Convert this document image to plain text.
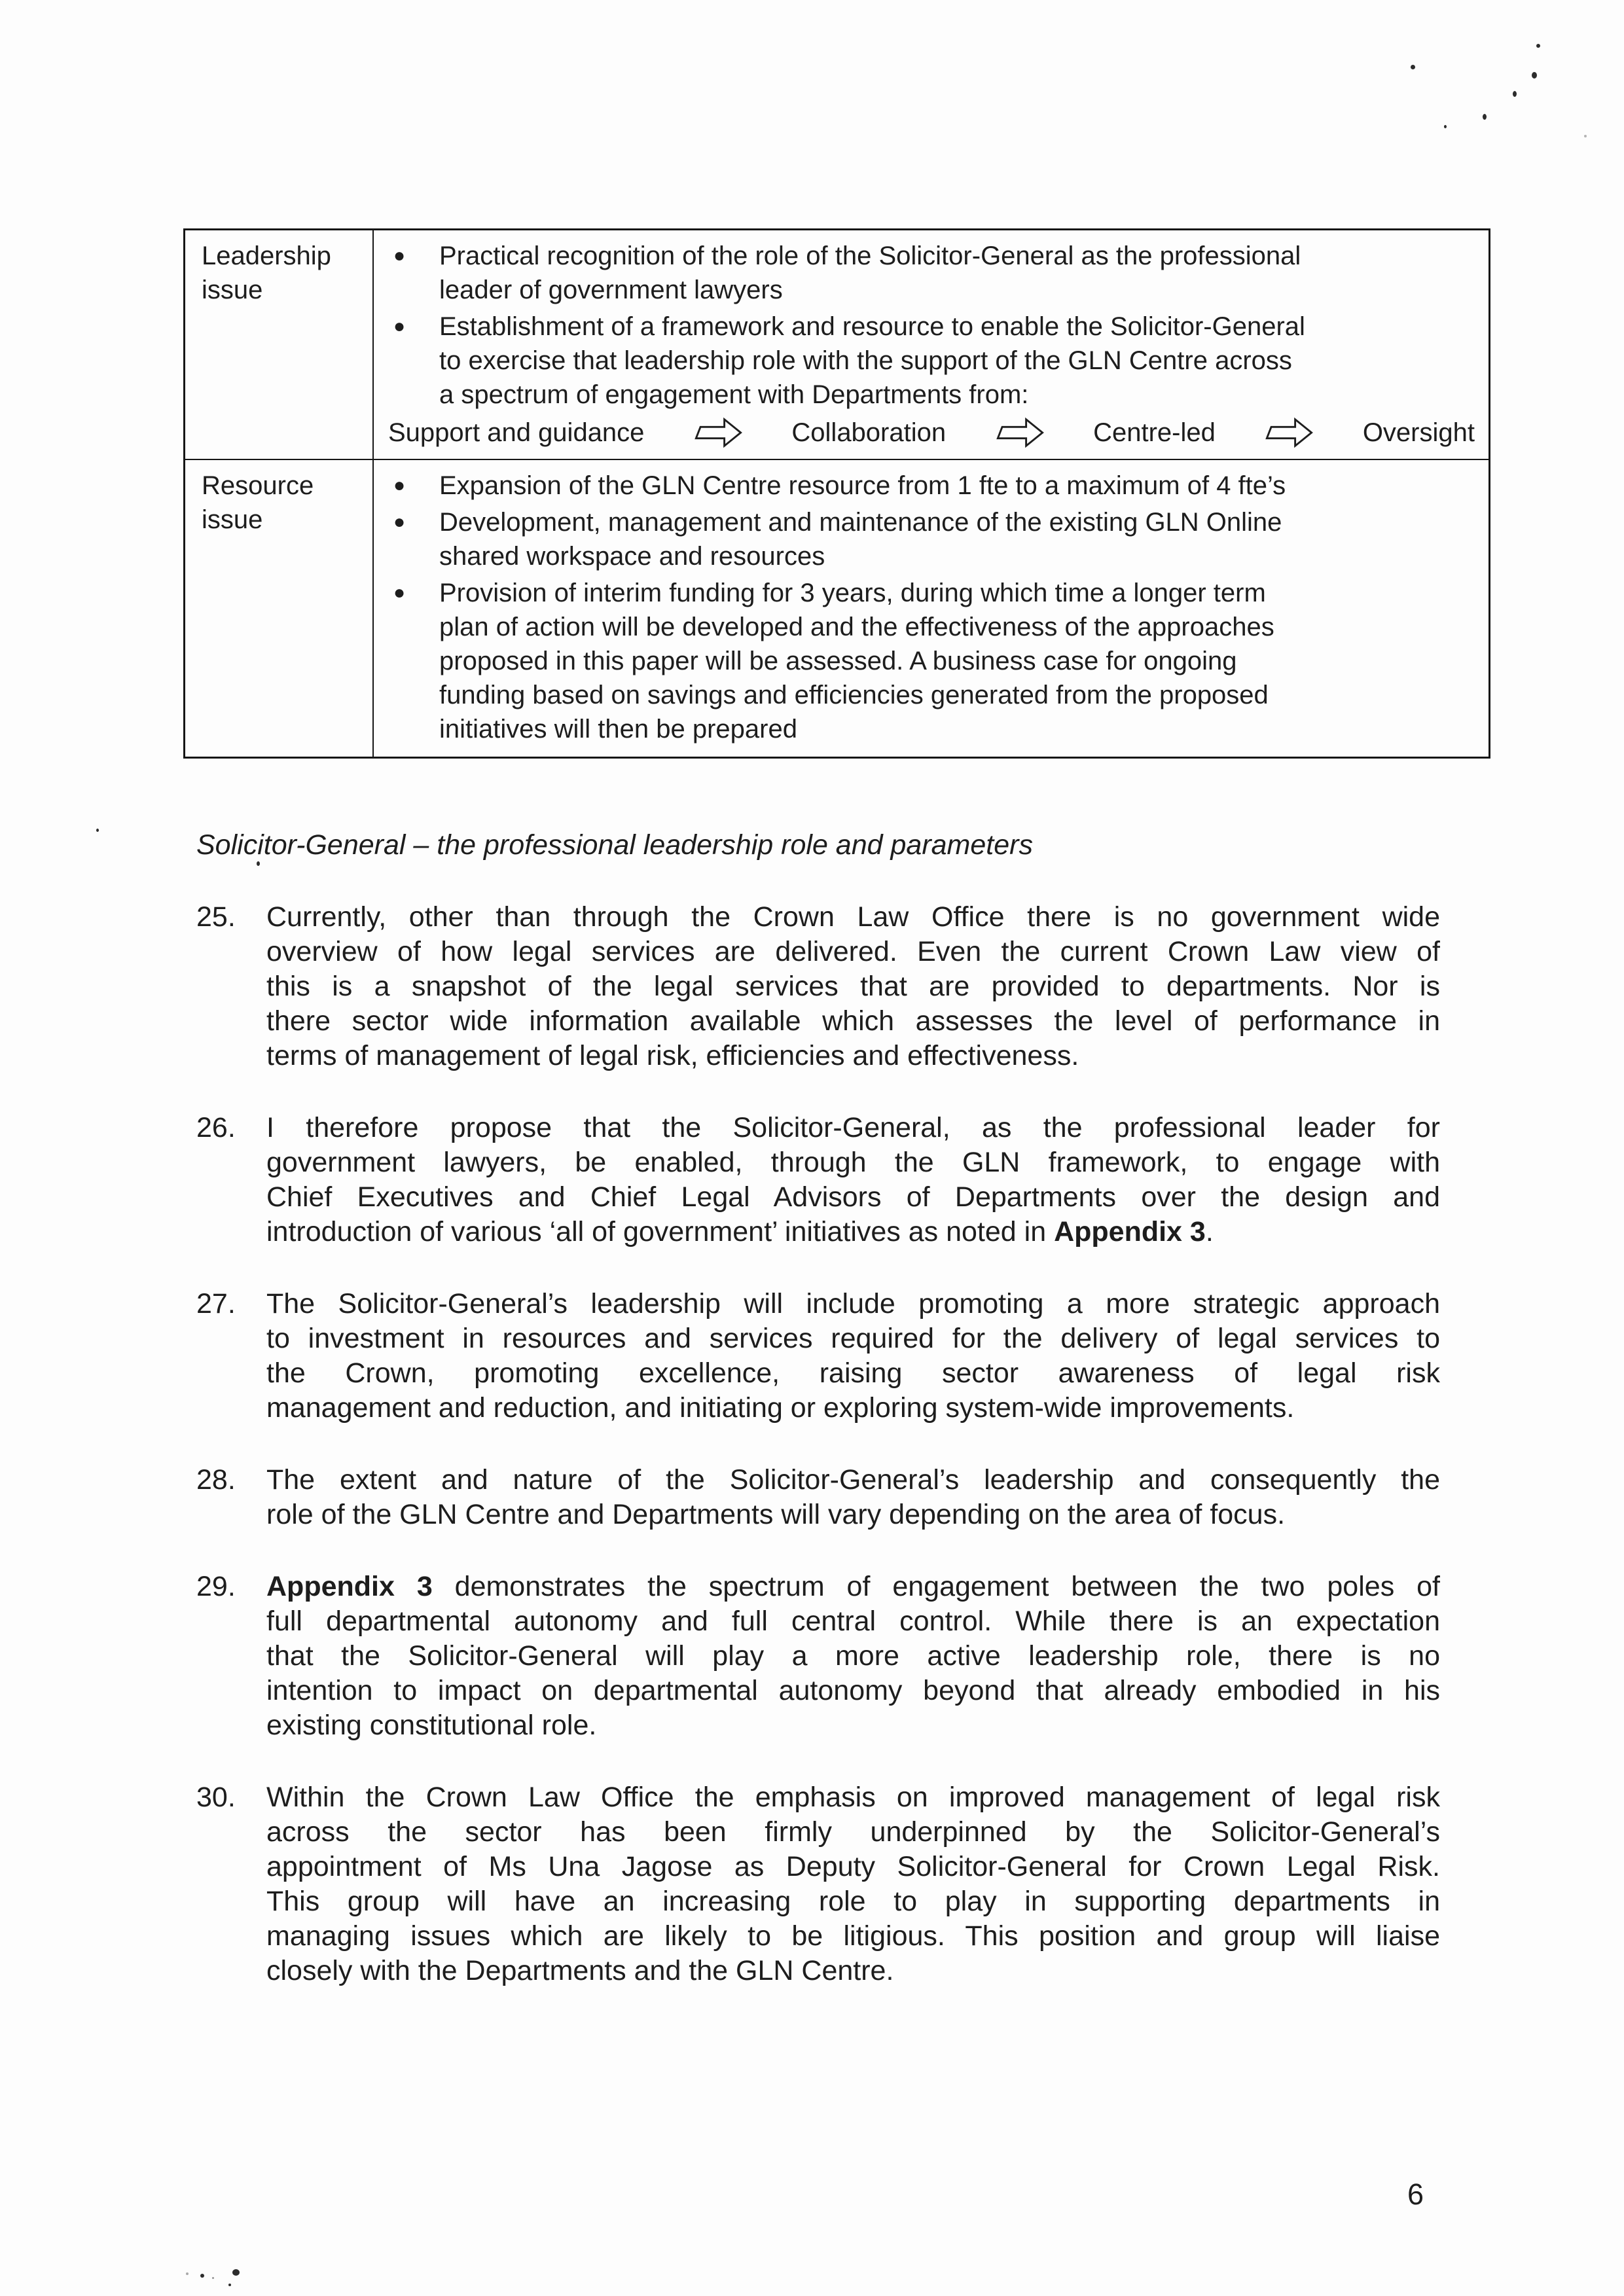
Leadership issue
●	Practical recognition of the role of the Solicitor-General as the professional
leader of government lawyers
●	Establishment of a framework and resource to enable the Solicitor-General
to exercise that leadership role with the support of the GLN Centre across
a spectrum of engagement with Departments from:
Support and guidance	Collaboration	Centre-led	Oversight
Resource issue
●	Expansion of the GLN Centre resource from 1 fte to a maximum of 4 fte’s
●	Development, management and maintenance of the existing GLN Online
shared workspace and resources
●	Provision of interim funding for 3 years, during which time a longer term
plan of action will be developed and the effectiveness of the approaches
proposed in this paper will be assessed. A business case for ongoing
funding based on savings and efficiencies generated from the proposed
initiatives will then be prepared
Solicitor-General – the professional leadership role and parameters
25.	Currently, other than through the Crown Law Office there is no government wide
overview of how legal services are delivered. Even the current Crown Law view of
this is a snapshot of the legal services that are provided to departments. Nor is
there sector wide information available which assesses the level of performance in
terms of management of legal risk, efficiencies and effectiveness.
26.	I therefore propose that the Solicitor-General, as the professional leader for
government lawyers, be enabled, through the GLN framework, to engage with
Chief Executives and Chief Legal Advisors of Departments over the design and
introduction of various ‘all of government’ initiatives as noted in Appendix 3.
27.	The Solicitor-General’s leadership will include promoting a more strategic approach
to investment in resources and services required for the delivery of legal services to
the Crown, promoting excellence, raising sector awareness of legal risk
management and reduction, and initiating or exploring system-wide improvements.
28.	The extent and nature of the Solicitor-General’s leadership and consequently the
role of the GLN Centre and Departments will vary depending on the area of focus.
29.	Appendix 3 demonstrates the spectrum of engagement between the two poles of
full departmental autonomy and full central control. While there is an expectation
that the Solicitor-General will play a more active leadership role, there is no
intention to impact on departmental autonomy beyond that already embodied in his
existing constitutional role.
30.	Within the Crown Law Office the emphasis on improved management of legal risk
across the sector has been firmly underpinned by the Solicitor-General’s
appointment of Ms Una Jagose as Deputy Solicitor-General for Crown Legal Risk.
This group will have an increasing role to play in supporting departments in
managing issues which are likely to be litigious. This position and group will liaise
closely with the Departments and the GLN Centre.
6
